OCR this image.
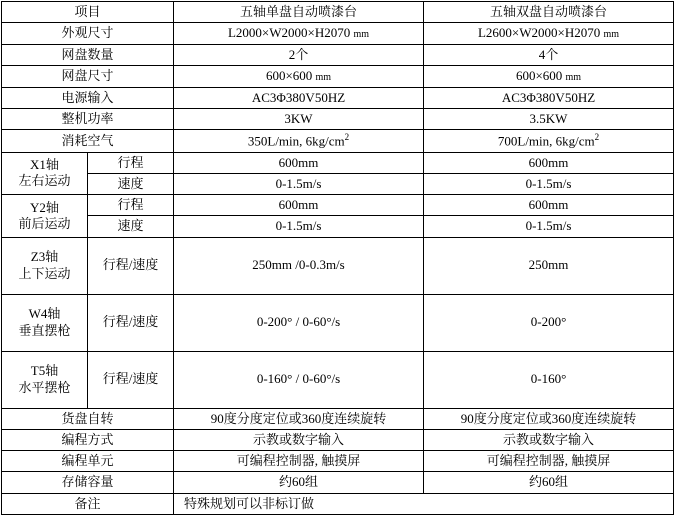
项目		五轴单盘自动喷漆台	五轴双盘自动喷漆台
外观尺寸		L2000×W2000×H2070 mm	L2600×W2000×H2070 mm
网盘数量		2个	4个
网盘尺寸		600×600 mm	600×600 mm
电源输入		AC3Φ380V50HZ	AC3Φ380V50HZ
整机功率		3KW	3.5KW
消耗空气		350L/min, $6kg/cm^2$	700L/min, $6kg/cm^2$

X1轴
左右运动	行程	600mm	600mm
	速度	0-1.5m/s	0-1.5m/s

Y2轴
前后运动	行程	600mm	600mm
	速度	0-1.5m/s	0-1.5m/s

Z3轴
上下运动	行程/速度	250mm /0-0.3m/s	250mm

W4轴
垂直摆枪	行程/速度	0-200° / 0-60°/s	0-200°

T5轴
水平摆枪	行程/速度	0-160° / 0-60°/s	0-160°
货盘自转		90度分度定位或360度连续旋转	90度分度定位或360度连续旋转
编程方式		示教或数字输入	示教或数字输入
编程单元		可编程控制器, 触摸屏	可编程控制器, 触摸屏
存储容量		约60组	约60组
备注		特殊规划可以非标订做	
